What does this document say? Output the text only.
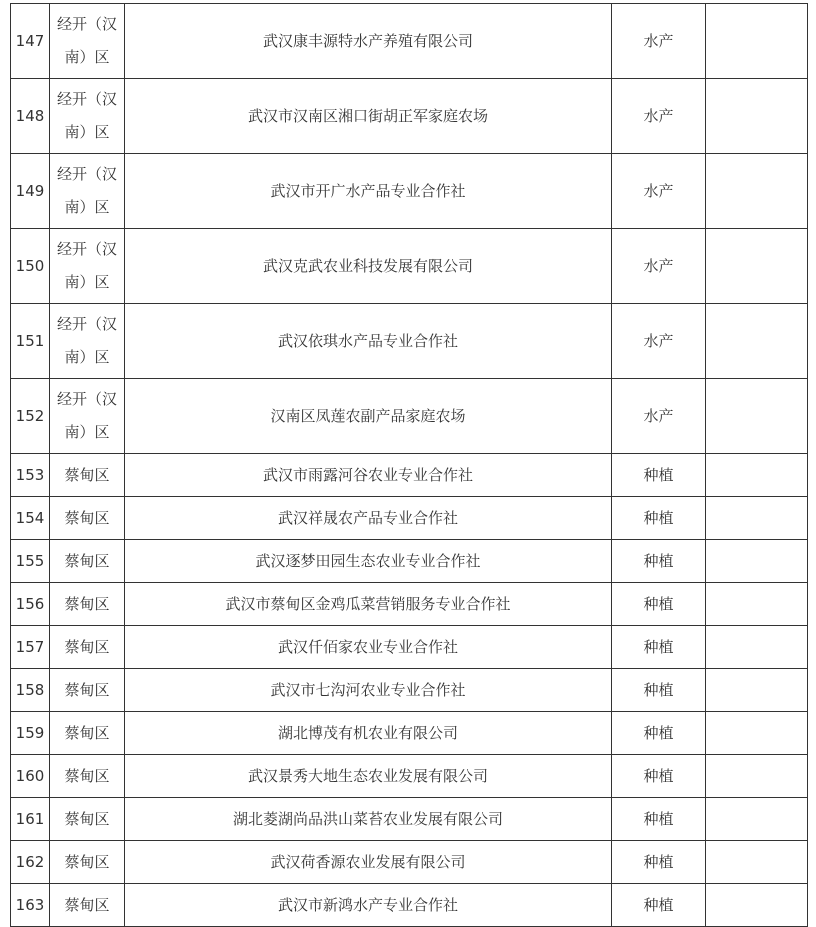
147	经开（汉南）区	武汉康丰源特水产养殖有限公司	水产	
148	经开（汉南）区	武汉市汉南区湘口街胡正军家庭农场	水产	
149	经开（汉南）区	武汉市开广水产品专业合作社	水产	
150	经开（汉南）区	武汉克武农业科技发展有限公司	水产	
151	经开（汉南）区	武汉依琪水产品专业合作社	水产	
152	经开（汉南）区	汉南区凤莲农副产品家庭农场	水产	
153	蔡甸区	武汉市雨露河谷农业专业合作社	种植	
154	蔡甸区	武汉祥晟农产品专业合作社	种植	
155	蔡甸区	武汉逐梦田园生态农业专业合作社	种植	
156	蔡甸区	武汉市蔡甸区金鸡瓜菜营销服务专业合作社	种植	
157	蔡甸区	武汉仟佰家农业专业合作社	种植	
158	蔡甸区	武汉市七沟河农业专业合作社	种植	
159	蔡甸区	湖北博茂有机农业有限公司	种植	
160	蔡甸区	武汉景秀大地生态农业发展有限公司	种植	
161	蔡甸区	湖北菱湖尚品洪山菜苔农业发展有限公司	种植	
162	蔡甸区	武汉荷香源农业发展有限公司	种植	
163	蔡甸区	武汉市新鸿水产专业合作社	种植	
